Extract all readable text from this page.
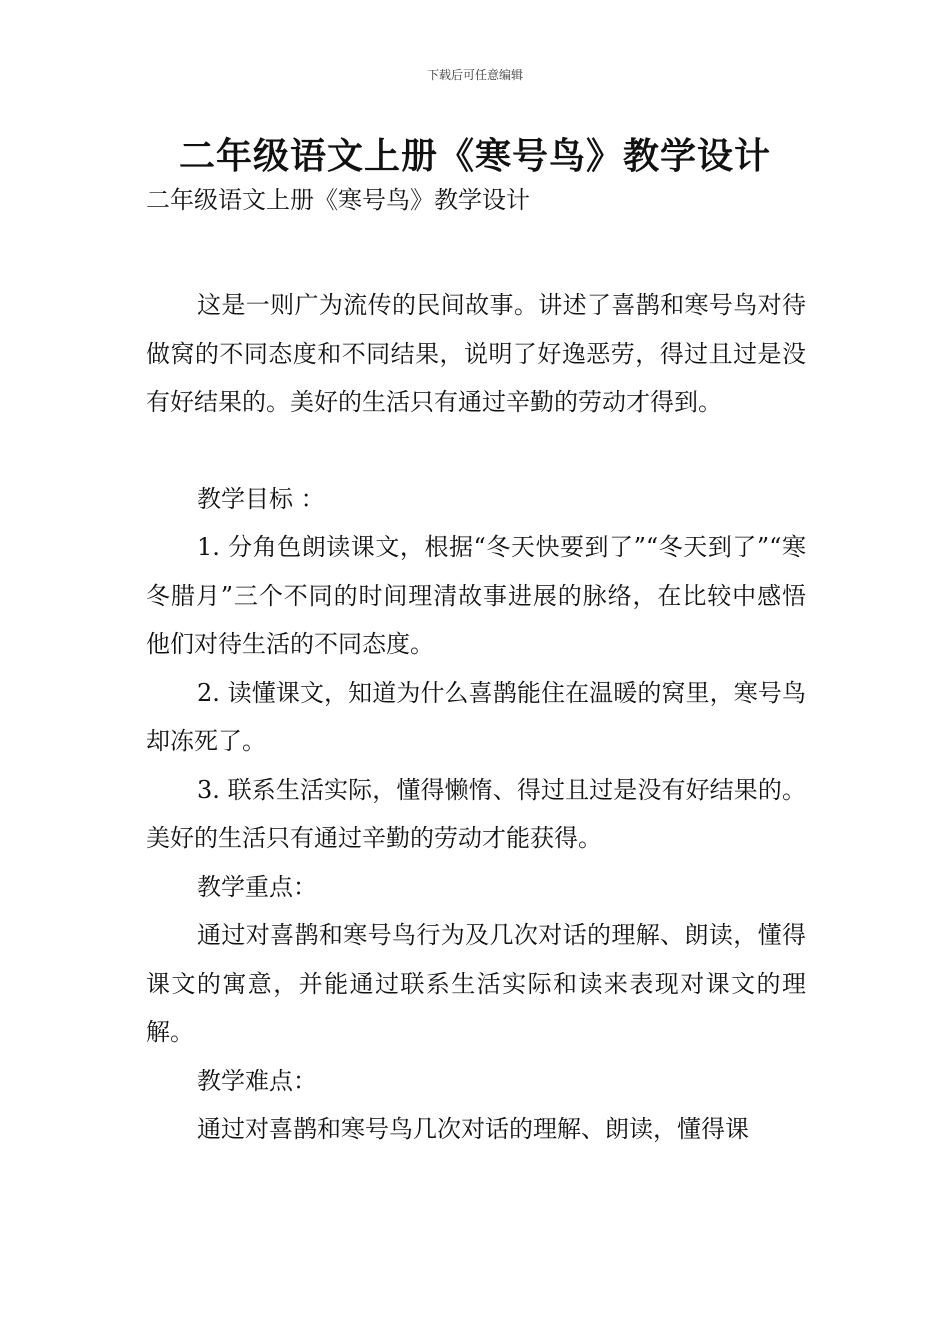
下载后可任意编辑
二年级语文上册《寒号鸟》教学设计
二年级语文上册《寒号鸟》教学设计

这是一则广为流传的民间故事。讲述了喜鹊和寒号鸟对待做窝的不同态度和不同结果，说明了好逸恶劳，得过且过是没有好结果的。美好的生活只有通过辛勤的劳动才得到。

教学目标 ：

1. 分角色朗读课文，根据“冬天快要到了”“冬天到了”“寒冬腊月”三个不同的时间理清故事进展的脉络，在比较中感悟他们对待生活的不同态度。

2. 读懂课文，知道为什么喜鹊能住在温暖的窝里，寒号鸟却冻死了。

3. 联系生活实际，懂得懒惰、得过且过是没有好结果的。美好的生活只有通过辛勤的劳动才能获得。

教学重点：

通过对喜鹊和寒号鸟行为及几次对话的理解、朗读，懂得课文的寓意，并能通过联系生活实际和读来表现对课文的理解。

教学难点：

通过对喜鹊和寒号鸟几次对话的理解、朗读，懂得课
